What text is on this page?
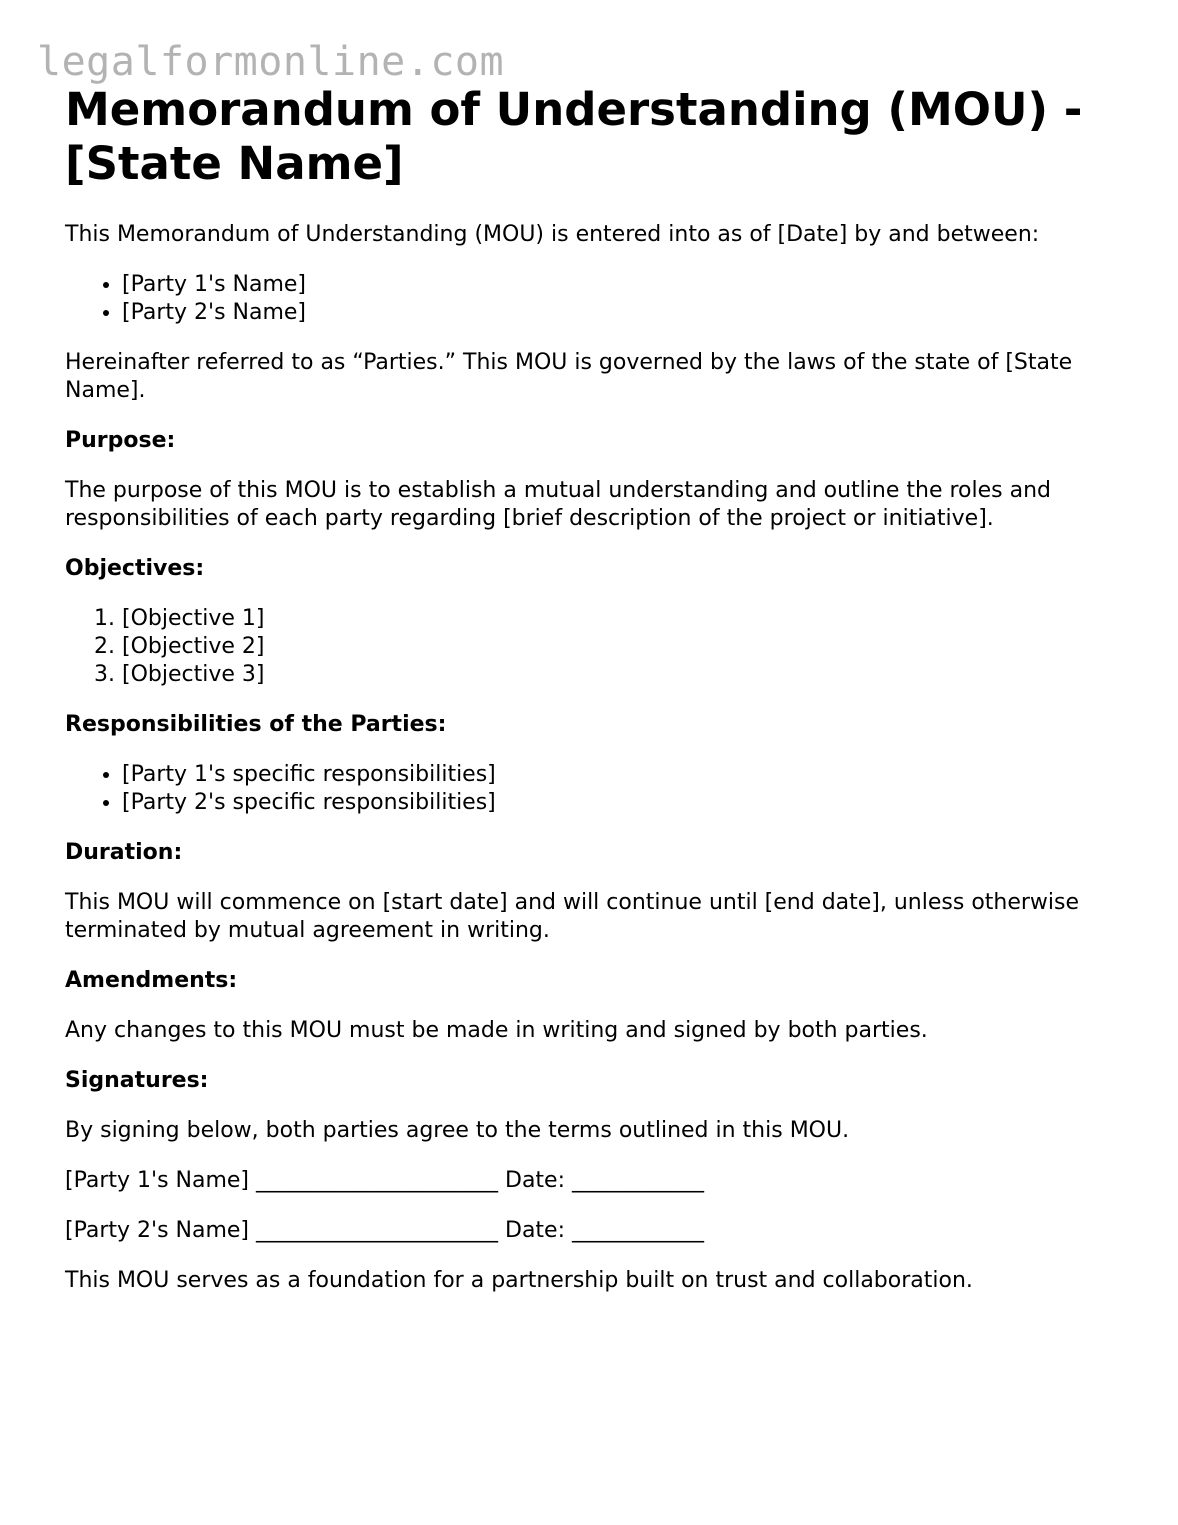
legalformonline.com
Memorandum of Understanding (MOU) - [State Name]

This Memorandum of Understanding (MOU) is entered into as of [Date] by and between:

• [Party 1's Name]
• [Party 2's Name]

Hereinafter referred to as “Parties.” This MOU is governed by the laws of the state of [State Name].

Purpose:

The purpose of this MOU is to establish a mutual understanding and outline the roles and responsibilities of each party regarding [brief description of the project or initiative].

Objectives:

1. [Objective 1]
2. [Objective 2]
3. [Objective 3]

Responsibilities of the Parties:

• [Party 1's specific responsibilities]
• [Party 2's specific responsibilities]

Duration:

This MOU will commence on [start date] and will continue until [end date], unless otherwise terminated by mutual agreement in writing.

Amendments:

Any changes to this MOU must be made in writing and signed by both parties.

Signatures:

By signing below, both parties agree to the terms outlined in this MOU.

[Party 1's Name] ______________________ Date: ____________

[Party 2's Name] ______________________ Date: ____________

This MOU serves as a foundation for a partnership built on trust and collaboration.
